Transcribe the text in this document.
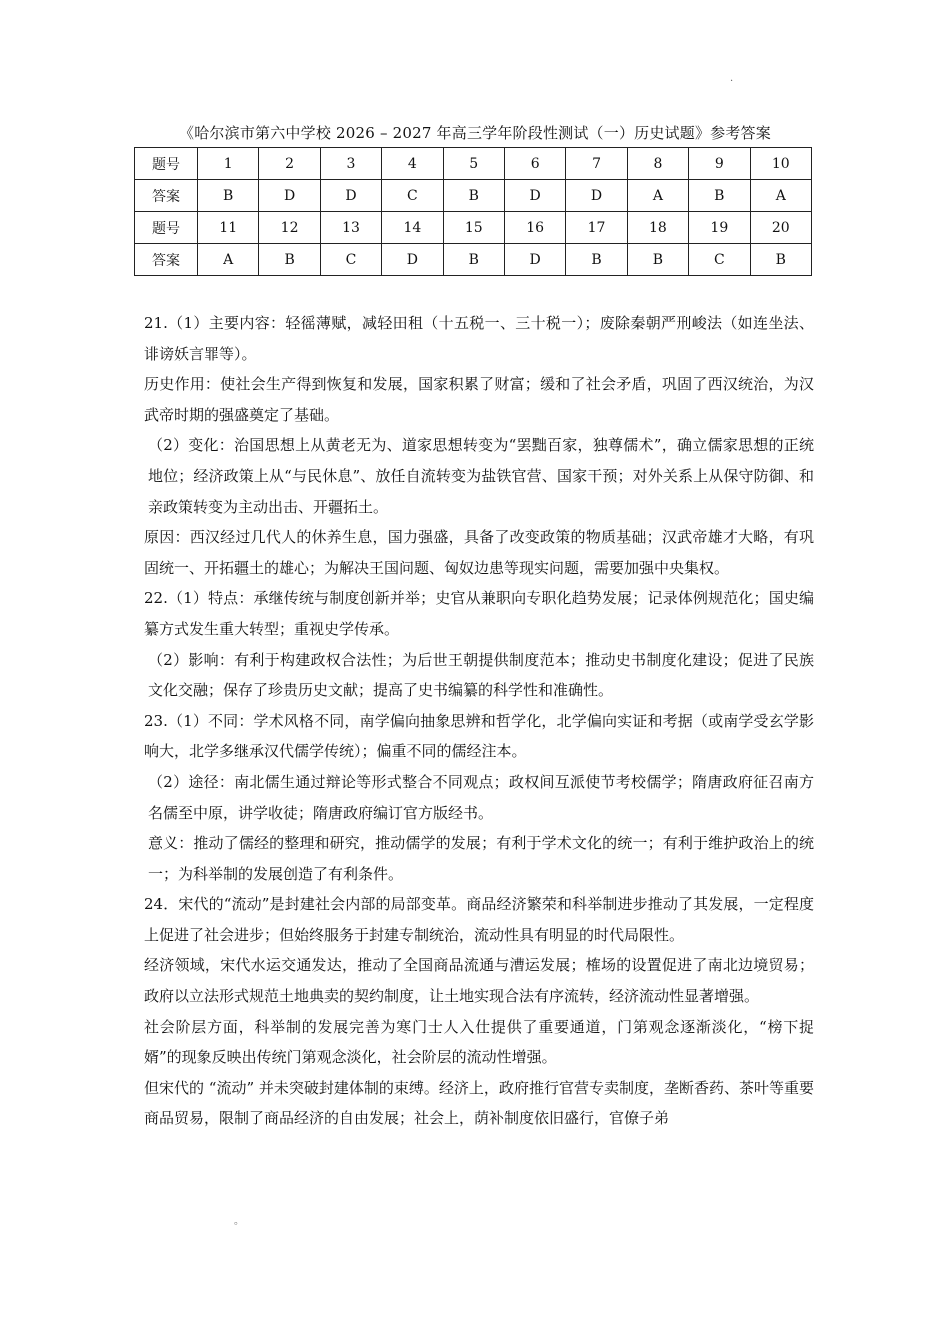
·
《哈尔滨市第六中学校 2026 – 2027 年高三学年阶段性测试（一）历史试题》参考答案
题号	1	2	3	4	5	6	7	8	9	10
答案	B	D	D	C	B	D	D	A	B	A
题号	11	12	13	14	15	16	17	18	19	20
答案	A	B	C	D	B	D	B	B	C	B

21.（1）主要内容：轻徭薄赋，减轻田租（十五税一、三十税一）；废除秦朝严刑峻法（如连坐法、诽谤妖言罪等）。

历史作用：使社会生产得到恢复和发展，国家积累了财富；缓和了社会矛盾，巩固了西汉统治，为汉武帝时期的强盛奠定了基础。

（2）变化：治国思想上从黄老无为、道家思想转变为“罢黜百家，独尊儒术”，确立儒家思想的正统地位；经济政策上从“与民休息”、放任自流转变为盐铁官营、国家干预；对外关系上从保守防御、和亲政策转变为主动出击、开疆拓土。

原因：西汉经过几代人的休养生息，国力强盛，具备了改变政策的物质基础；汉武帝雄才大略，有巩固统一、开拓疆土的雄心；为解决王国问题、匈奴边患等现实问题，需要加强中央集权。

22.（1）特点：承继传统与制度创新并举；史官从兼职向专职化趋势发展；记录体例规范化；国史编纂方式发生重大转型；重视史学传承。

（2）影响：有利于构建政权合法性；为后世王朝提供制度范本；推动史书制度化建设；促进了民族文化交融；保存了珍贵历史文献；提高了史书编纂的科学性和准确性。

23.（1）不同：学术风格不同，南学偏向抽象思辨和哲学化，北学偏向实证和考据（或南学受玄学影响大，北学多继承汉代儒学传统）；偏重不同的儒经注本。

（2）途径：南北儒生通过辩论等形式整合不同观点；政权间互派使节考校儒学；隋唐政府征召南方名儒至中原，讲学收徒；隋唐政府编订官方版经书。

意义：推动了儒经的整理和研究，推动儒学的发展；有利于学术文化的统一；有利于维护政治上的统一；为科举制的发展创造了有利条件。

24．宋代的“流动”是封建社会内部的局部变革。商品经济繁荣和科举制进步推动了其发展，一定程度上促进了社会进步；但始终服务于封建专制统治，流动性具有明显的时代局限性。

经济领域，宋代水运交通发达，推动了全国商品流通与漕运发展；榷场的设置促进了南北边境贸易；政府以立法形式规范土地典卖的契约制度，让土地实现合法有序流转，经济流动性显著增强。

社会阶层方面，科举制的发展完善为寒门士人入仕提供了重要通道，门第观念逐渐淡化，“榜下捉婿”的现象反映出传统门第观念淡化，社会阶层的流动性增强。

但宋代的 “流动” 并未突破封建体制的束缚。经济上，政府推行官营专卖制度，垄断香药、茶叶等重要商品贸易，限制了商品经济的自由发展；社会上，荫补制度依旧盛行，官僚子弟

。
